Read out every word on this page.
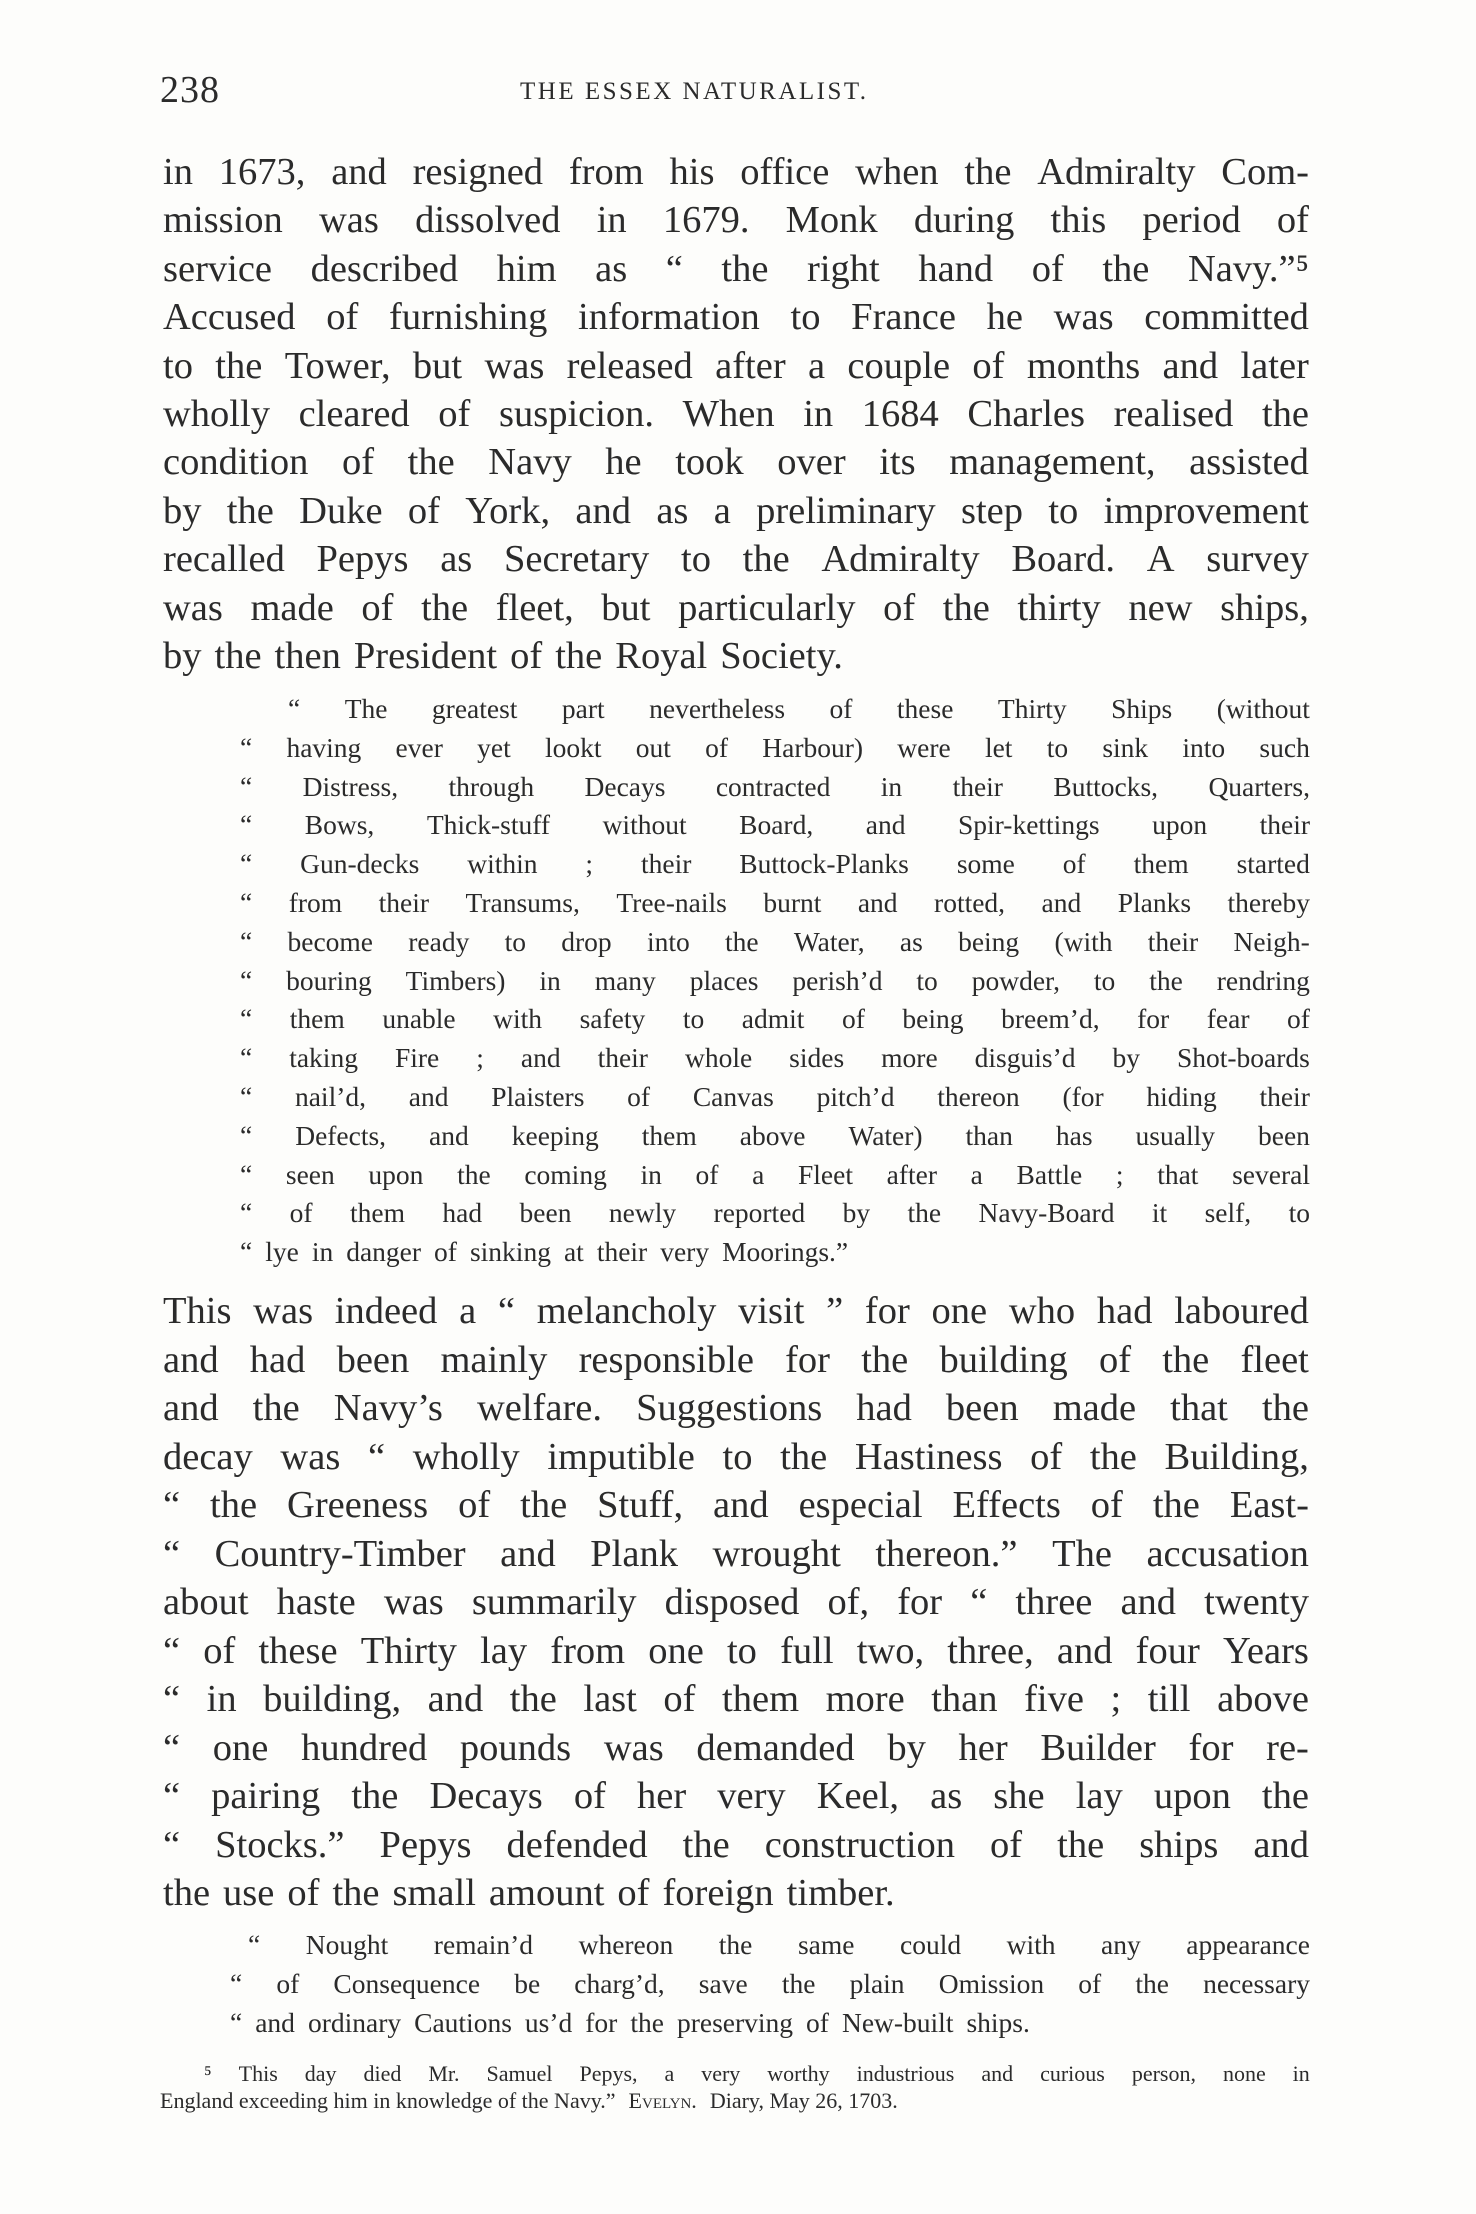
238	THE ESSEX NATURALIST.
in 1673, and resigned from his office when the Admiralty Com-
mission was dissolved in 1679. Monk during this period of
service described him as “ the right hand of the Navy.”⁵
Accused of furnishing information to France he was committed
to the Tower, but was released after a couple of months and later
wholly cleared of suspicion. When in 1684 Charles realised the
condition of the Navy he took over its management, assisted
by the Duke of York, and as a preliminary step to improvement
recalled Pepys as Secretary to the Admiralty Board. A survey
was made of the fleet, but particularly of the thirty new ships,
by the then President of the Royal Society.
“ The greatest part nevertheless of these Thirty Ships (without
“ having ever yet lookt out of Harbour) were let to sink into such
“ Distress, through Decays contracted in their Buttocks, Quarters,
“ Bows, Thick-stuff without Board, and Spir-kettings upon their
“ Gun-decks within ; their Buttock-Planks some of them started
“ from their Transums, Tree-nails burnt and rotted, and Planks thereby
“ become ready to drop into the Water, as being (with their Neigh-
“ bouring Timbers) in many places perish’d to powder, to the rendring
“ them unable with safety to admit of being breem’d, for fear of
“ taking Fire ; and their whole sides more disguis’d by Shot-boards
“ nail’d, and Plaisters of Canvas pitch’d thereon (for hiding their
“ Defects, and keeping them above Water) than has usually been
“ seen upon the coming in of a Fleet after a Battle ; that several
“ of them had been newly reported by the Navy-Board it self, to
“ lye in danger of sinking at their very Moorings.”
This was indeed a “ melancholy visit ” for one who had laboured
and had been mainly responsible for the building of the fleet
and the Navy’s welfare. Suggestions had been made that the
decay was “ wholly imputible to the Hastiness of the Building,
“ the Greeness of the Stuff, and especial Effects of the East-
“ Country-Timber and Plank wrought thereon.” The accusation
about haste was summarily disposed of, for “ three and twenty
“ of these Thirty lay from one to full two, three, and four Years
“ in building, and the last of them more than five ; till above
“ one hundred pounds was demanded by her Builder for re-
“ pairing the Decays of her very Keel, as she lay upon the
“ Stocks.” Pepys defended the construction of the ships and
the use of the small amount of foreign timber.
“ Nought remain’d whereon the same could with any appearance
“ of Consequence be charg’d, save the plain Omission of the necessary
“ and ordinary Cautions us’d for the preserving of New-built ships.
⁵ This day died Mr. Samuel Pepys, a very worthy industrious and curious person, none in
England exceeding him in knowledge of the Navy.” Evelyn. Diary, May 26, 1703.
